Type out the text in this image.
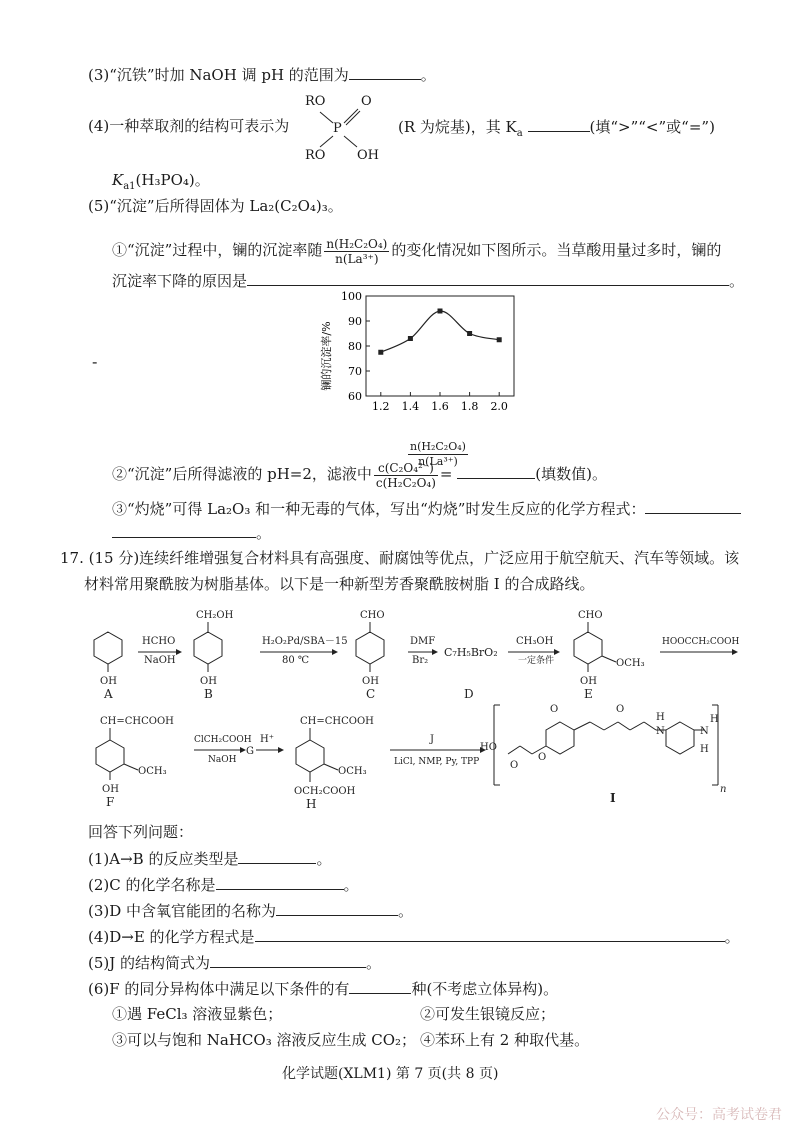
(3)“沉铁”时加 NaOH 调 pH 的范围为	。
(4)一种萃取剂的结构可表示为
RO
RO
P
O
OH
(R 为烷基)，其 $K_a$	(填“>”“<”或“=”)
$K_{a1}(H_3PO_4)$。
(5)“沉淀”后所得固体为 La₂(C₂O₄)₃。
①“沉淀”过程中，镧的沉淀率随 $\frac{\text{n(H₂C₂O₄)}}{\text{n(La³⁺)}}$ 的变化情况如下图所示。当草酸用量过多时，镧的
沉淀率下降的原因是	。
镧的沉淀率/%
60
70
80
90
100
1.2 1.4 1.6 1.8 2.0
$\frac{\text{n(H₂C₂O₄)}}{\text{n(La³⁺)}}$
-
②“沉淀”后所得滤液的 pH=2，滤液中 $\frac{\text{c(C₂O₄²⁻)}}{\text{c(H₂C₂O₄)}}$ =	(填数值)。
③“灼烧”可得 La₂O₃ 和一种无毒的气体，写出“灼烧”时发生反应的化学方程式：
。
17. (15 分)连续纤维增强复合材料具有高强度、耐腐蚀等优点，广泛应用于航空航天、汽车等领域。该
材料常用聚酰胺为树脂基体。以下是一种新型芳香聚酰胺树脂 I 的合成路线。
OH
A
HCHO
NaOH
OH
CH₂OH
B
H₂O₂Pd/SBA－15
80 ℃
OH
CHO
C
DMF
Br₂
C₇H₅BrO₂
D
CH₃OH
一定条件
OH
CHO
OCH₃
E
HOOCCH₂COOH
CH=CHCOOH
OCH₃
OH
F
ClCH₂COOH
NaOH
G
H⁺
CH=CHCOOH
OCH₃
OCH₂COOH
H
J
LiCl, NMP, Py, TPP
HO
O
O
O	O
N
H
N
H
H
n
I
回答下列问题：
(1)A→B 的反应类型是	。
(2)C 的化学名称是	。
(3)D 中含氧官能团的名称为	。
(4)D→E 的化学方程式是	。
(5)J 的结构简式为	。
(6)F 的同分异构体中满足以下条件的有	种(不考虑立体异构)。
①遇 FeCl₃ 溶液显紫色；	②可发生银镜反应；
③可以与饱和 NaHCO₃ 溶液反应生成 CO₂； ④苯环上有 2 种取代基。
化学试题(XLM1) 第 7 页(共 8 页)
公众号：高考试卷君
